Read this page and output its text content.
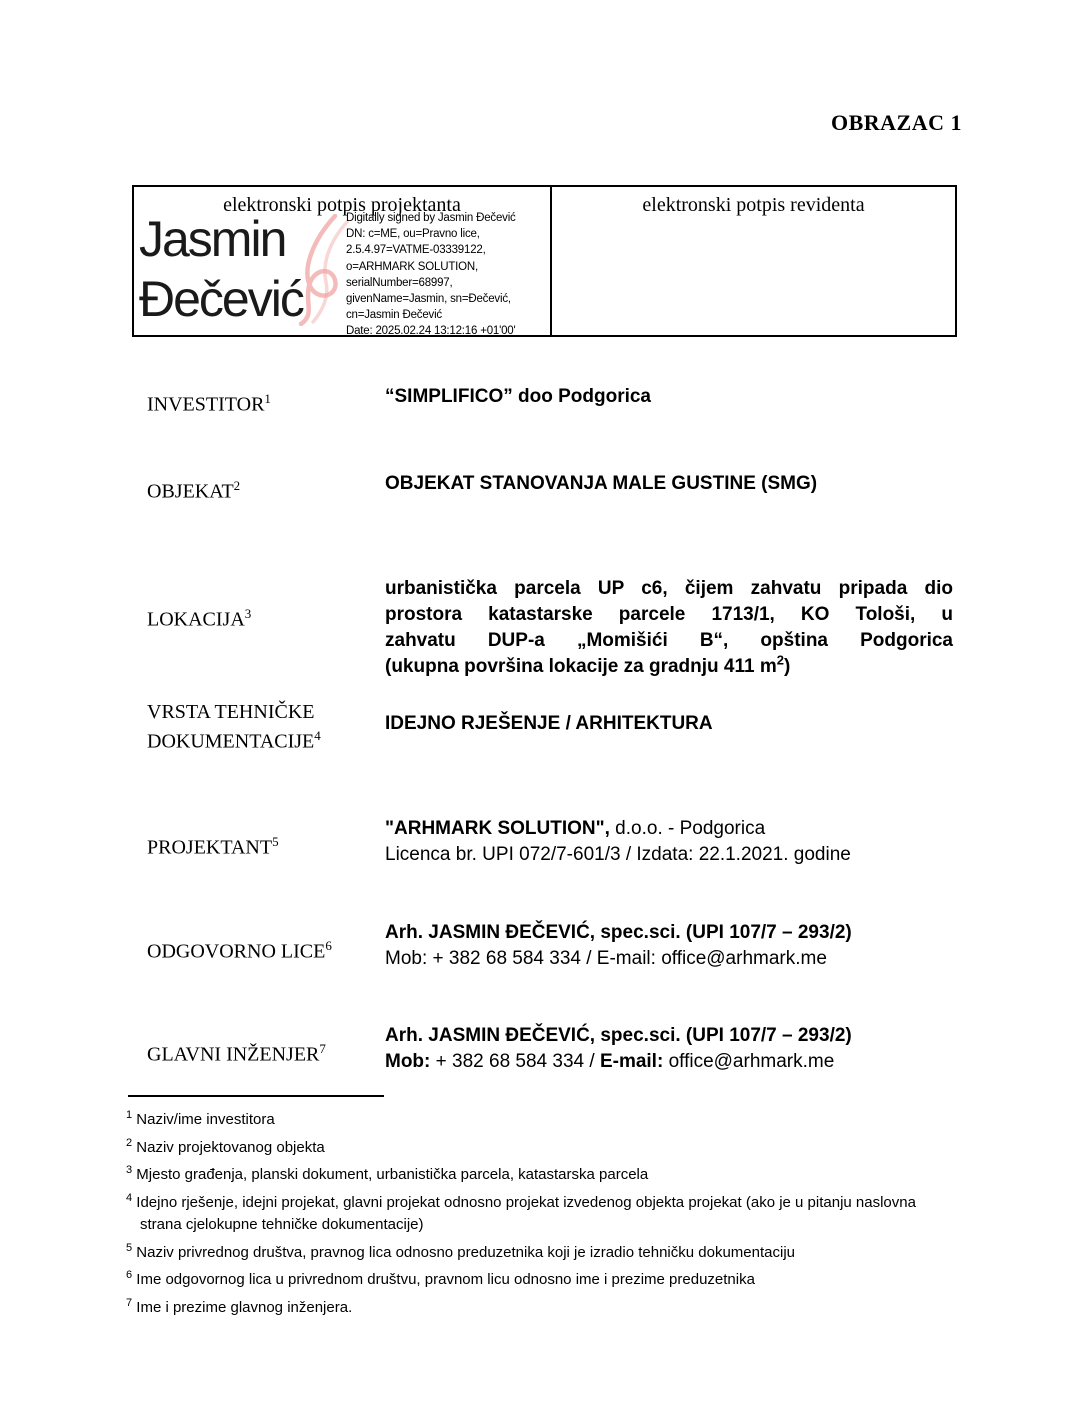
OBRAZAC 1
elektronski potpis projektanta
Jasmin
Đečević
Digitally signed by Jasmin Đečević
DN: c=ME, ou=Pravno lice,
2.5.4.97=VATME-03339122,
o=ARHMARK SOLUTION,
serialNumber=68997,
givenName=Jasmin, sn=Đečević,
cn=Jasmin Đečević
Date: 2025.02.24 13:12:16 +01'00'
elektronski potpis revidenta
INVESTITOR$^1$	“SIMPLIFICO” doo Podgorica
OBJEKAT$^2$	OBJEKAT STANOVANJA MALE GUSTINE (SMG)
LOKACIJA$^3$
urbanistička parcela UP c6, čijem zahvatu pripada dio
prostora katastarske parcele 1713/1, KO Tološi, u
zahvatu DUP-a „Momišići B“, opština Podgorica
(ukupna površina lokacije za gradnju 411 $m^2$)
VRSTA TEHNIČKE
DOKUMENTACIJE$^4$
IDEJNO RJEŠENJE / ARHITEKTURA
PROJEKTANT$^5$
"ARHMARK SOLUTION", d.o.o. - Podgorica
Licenca br. UPI 072/7-601/3 / Izdata: 22.1.2021. godine
ODGOVORNO LICE$^6$
Arh. JASMIN ĐEČEVIĆ, spec.sci. (UPI 107/7 – 293/2)
Mob: + 382 68 584 334 / E-mail: office@arhmark.me
GLAVNI INŽENJER$^7$
Arh. JASMIN ĐEČEVIĆ, spec.sci. (UPI 107/7 – 293/2)
Mob: + 382 68 584 334 / E-mail: office@arhmark.me
$^1$ Naziv/ime investitora
$^2$ Naziv projektovanog objekta
$^3$ Mjesto građenja, planski dokument, urbanistička parcela, katastarska parcela
$^4$ Idejno rješenje, idejni projekat, glavni projekat odnosno projekat izvedenog objekta projekat (ako je u pitanju naslovna strana cjelokupne tehničke dokumentacije)
$^5$ Naziv privrednog društva, pravnog lica odnosno preduzetnika koji je izradio tehničku dokumentaciju
$^6$ Ime odgovornog lica u privrednom društvu, pravnom licu odnosno ime i prezime preduzetnika
$^7$ Ime i prezime glavnog inženjera.
